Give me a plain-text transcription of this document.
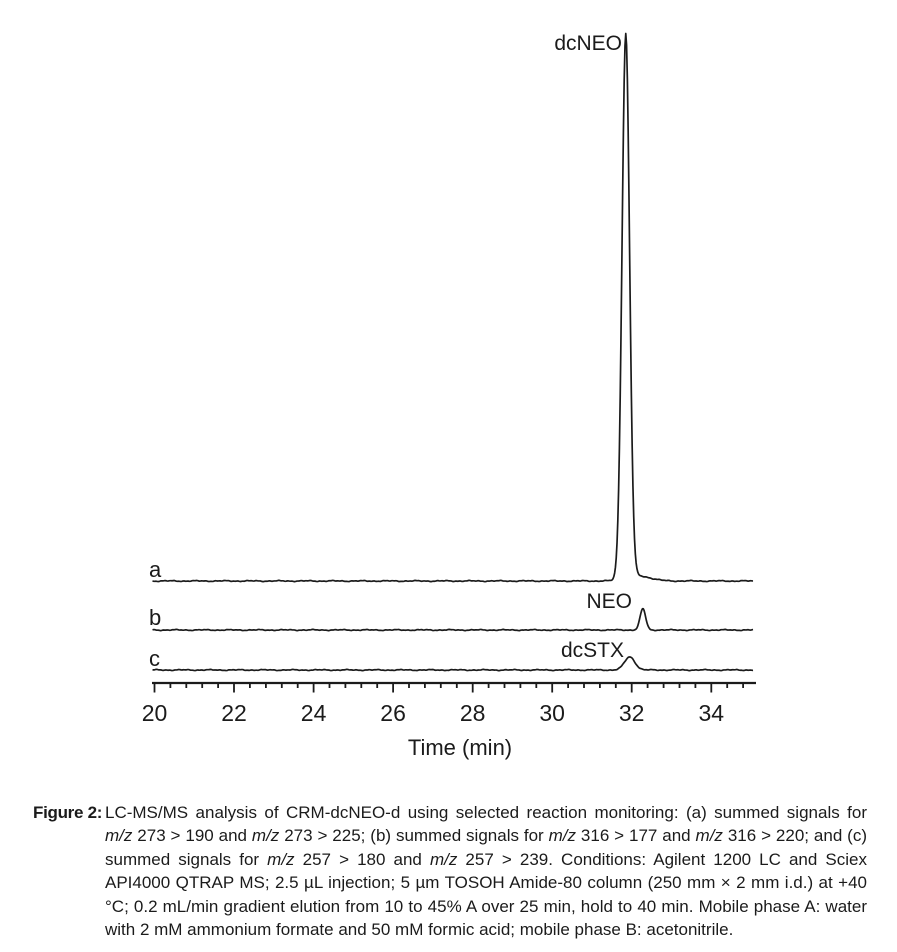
20 22 24 26 28 30 32 34
a
dcNEO
b
NEO
c	dcSTX
Time (min)
Figure 2: LC-MS/MS analysis of CRM-dcNEO-d using selected reaction monitoring: (a) summed signals for m/z 273 > 190 and m/z 273 > 225; (b) summed signals for m/z 316 > 177 and m/z 316 > 220; and (c) summed signals for m/z 257 > 180 and m/z 257 > 239. Conditions: Agilent 1200 LC and Sciex API4000 QTRAP MS; 2.5 µL injection; 5 µm TOSOH Amide-80 column (250 mm × 2 mm i.d.) at +40 °C; 0.2 mL/min gradient elution from 10 to 45% A over 25 min, hold to 40 min. Mobile phase A: water with 2 mM ammonium formate and 50 mM formic acid; mobile phase B: acetonitrile.
